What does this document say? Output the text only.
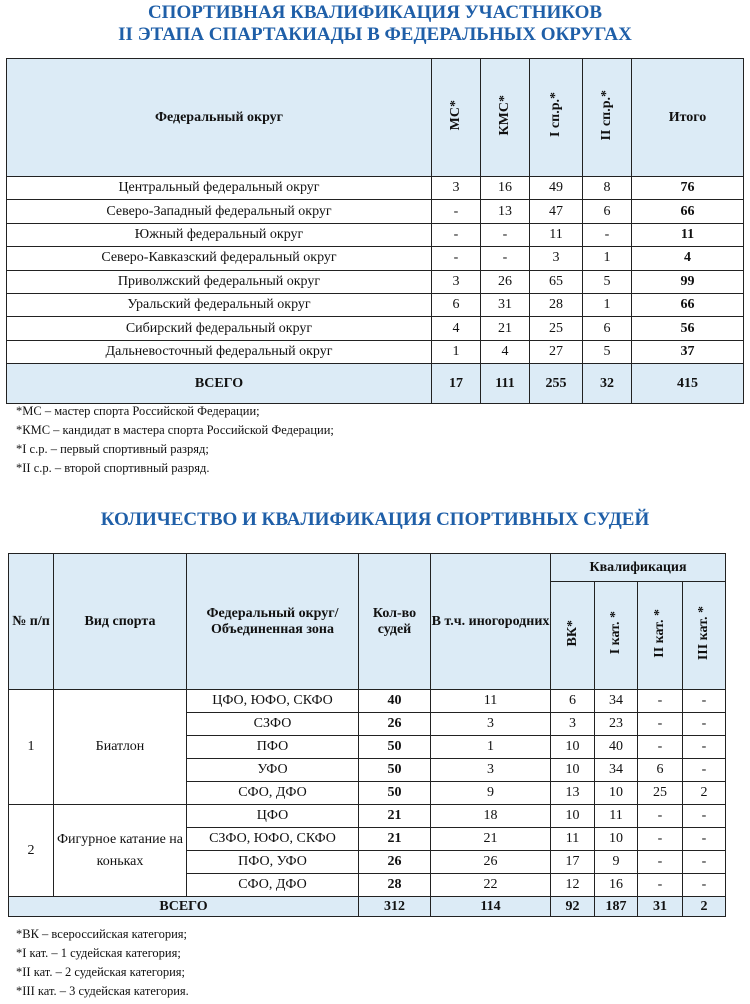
СПОРТИВНАЯ КВАЛИФИКАЦИЯ УЧАСТНИКОВ
II ЭТАПА СПАРТАКИАДЫ В ФЕДЕРАЛЬНЫХ ОКРУГАХ
Федеральный округ	МС*	КМС*	I сп.р.*	II сп.р.*	Итого
Центральный федеральный округ	3	16	49	8	76
Северо-Западный федеральный округ	-	13	47	6	66
Южный федеральный округ	-	-	11	-	11
Северо-Кавказский федеральный округ	-	-	3	1	4
Приволжский федеральный округ	3	26	65	5	99
Уральский федеральный округ	6	31	28	1	66
Сибирский федеральный округ	4	21	25	6	56
Дальневосточный федеральный округ	1	4	27	5	37
ВСЕГО	17	111	255	32	415
*МС – мастер спорта Российской Федерации;
*КМС – кандидат в мастера спорта Российской Федерации;
*I с.р. – первый спортивный разряд;
*II с.р. – второй спортивный разряд.
КОЛИЧЕСТВО И КВАЛИФИКАЦИЯ СПОРТИВНЫХ СУДЕЙ
№ п/п	Вид спорта	Федеральный округ/ Объединенная зона	Кол-во судей	В т.ч. иногородних	Квалификация			
					ВК*	I кат. *	II кат. *	III кат. *
1	Биатлон	ЦФО, ЮФО, СКФО	40	11	6	34	-	-
		СЗФО	26	3	3	23	-	-
		ПФО	50	1	10	40	-	-
		УФО	50	3	10	34	6	-
		СФО, ДФО	50	9	13	10	25	2
2	Фигурное катание на коньках	ЦФО	21	18	10	11	-	-
		СЗФО, ЮФО, СКФО	21	21	11	10	-	-
		ПФО, УФО	26	26	17	9	-	-
		СФО, ДФО	28	22	12	16	-	-
ВСЕГО			312	114	92	187	31	2
*ВК – всероссийская категория;
*I кат. – 1 судейская категория;
*II кат. – 2 судейская категория;
*III кат. – 3 судейская категория.
